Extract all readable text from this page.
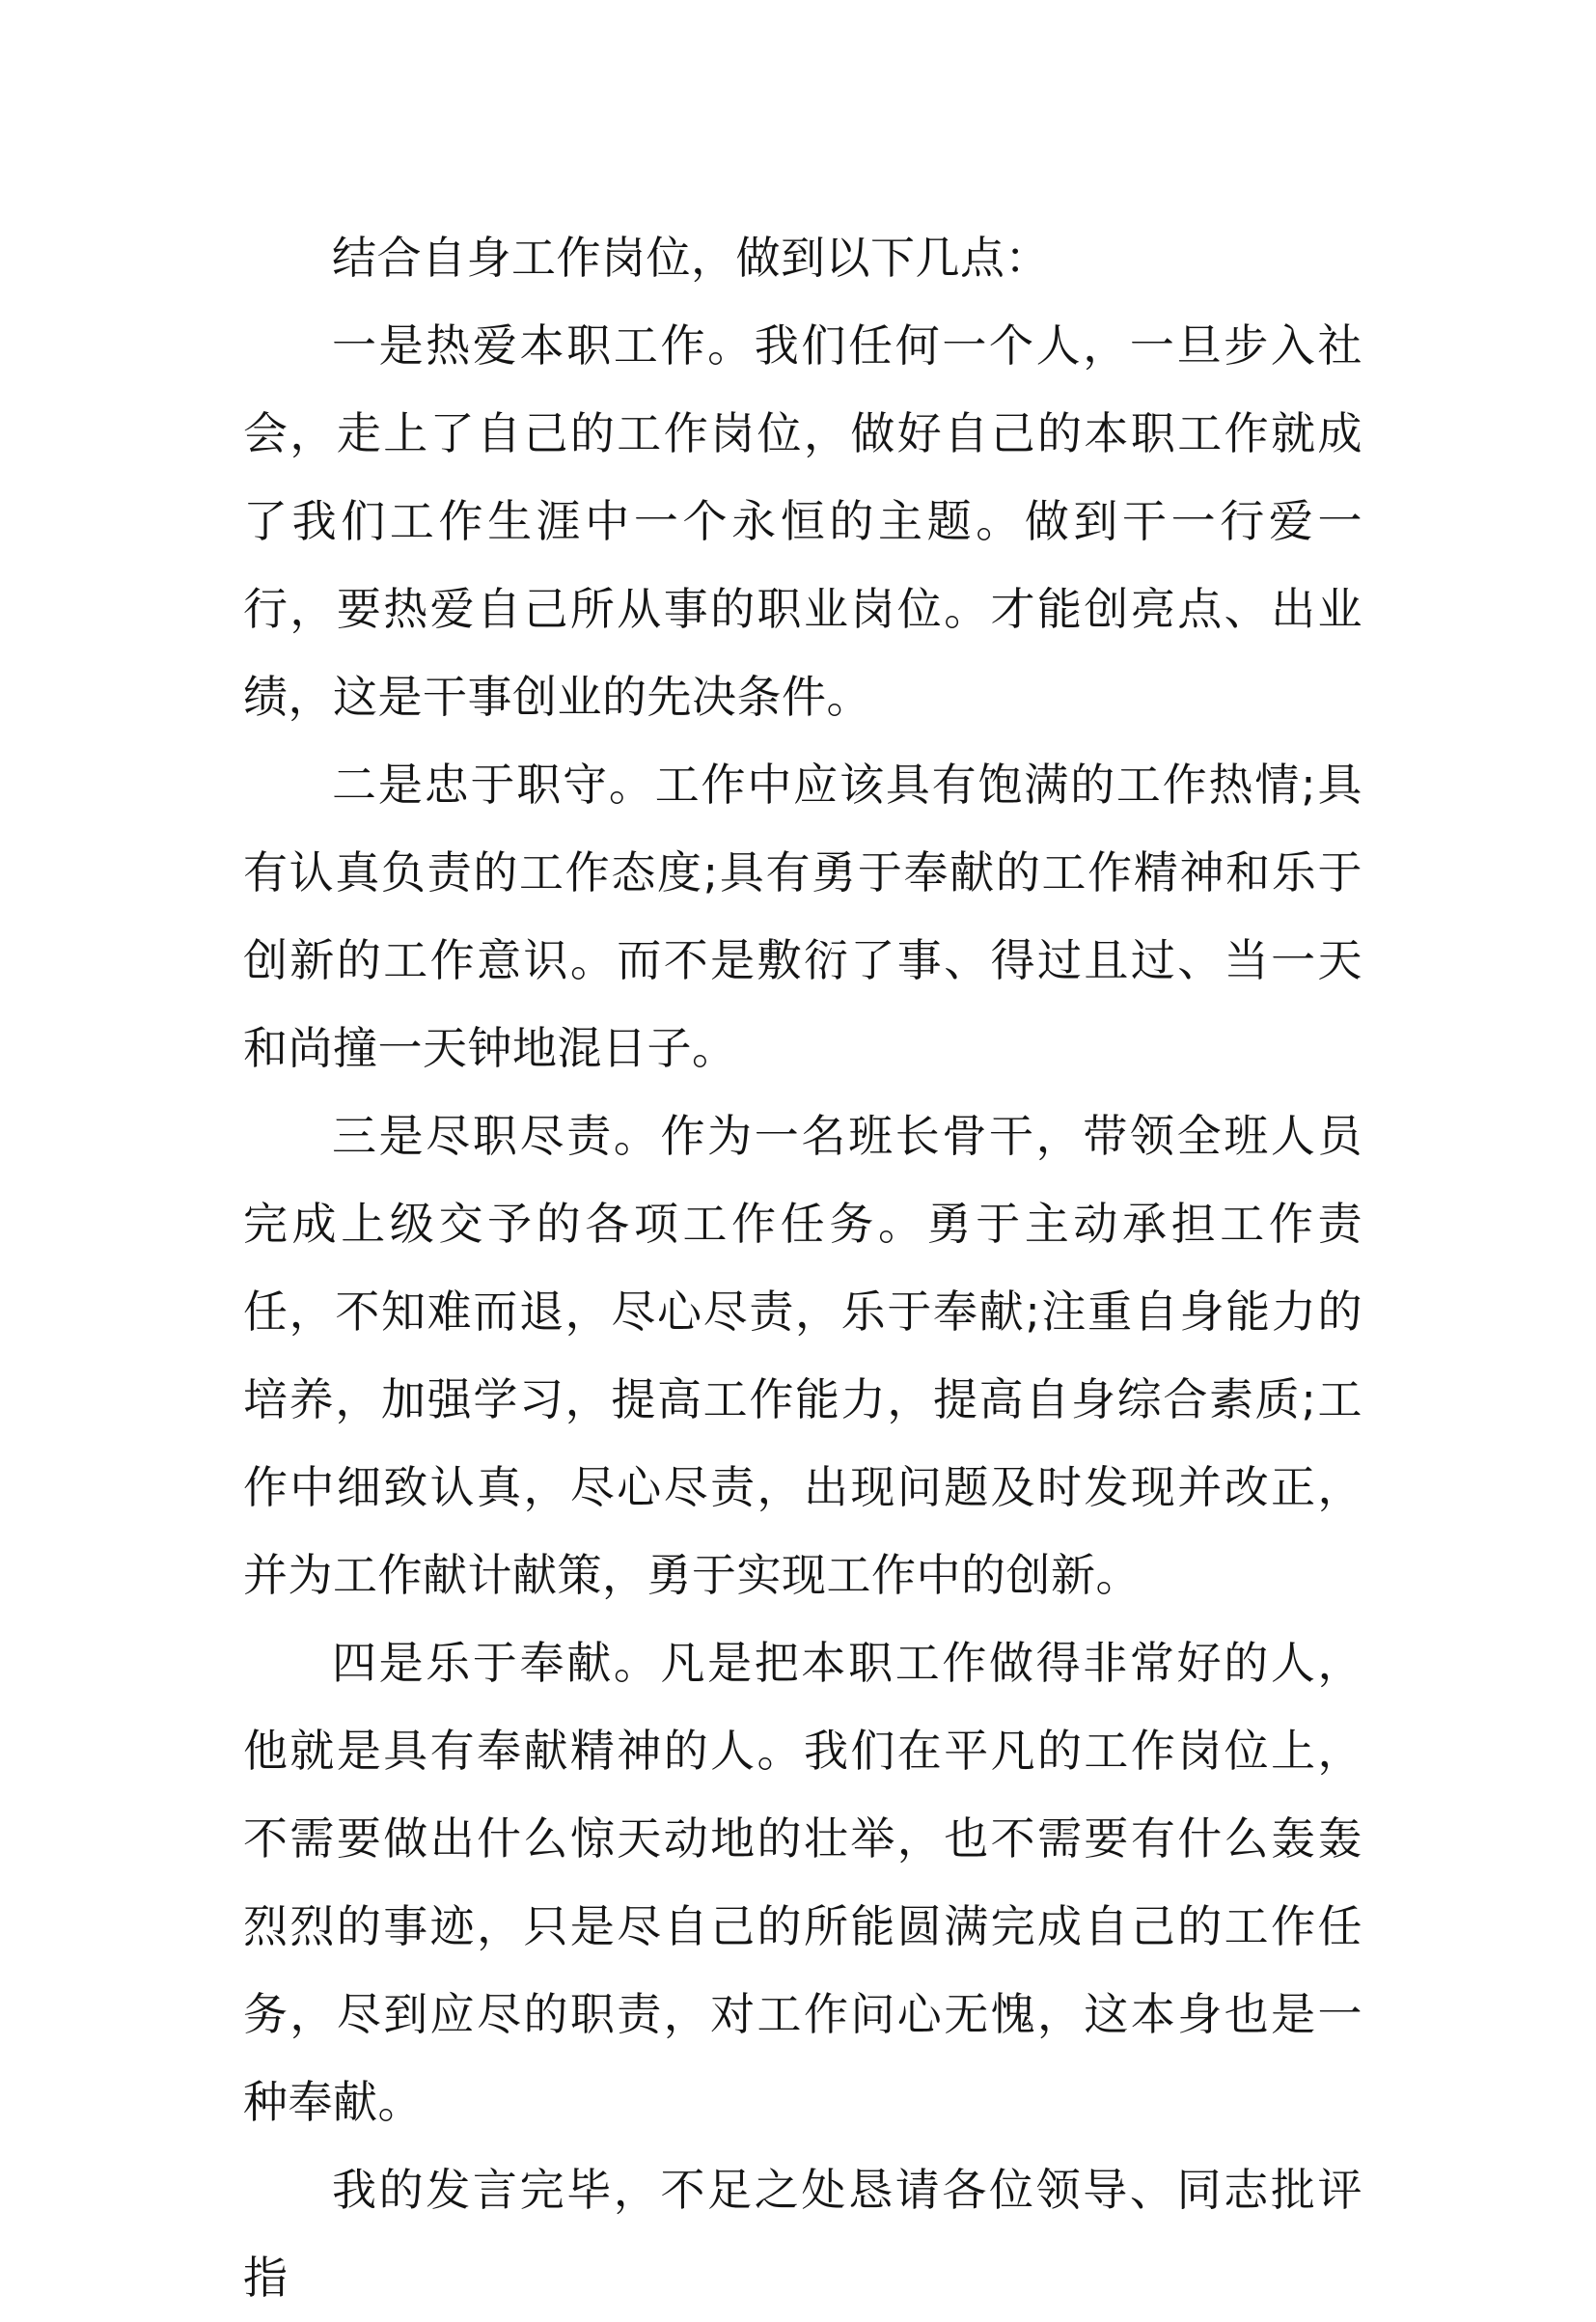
结合自身工作岗位，做到以下几点：

一是热爱本职工作。我们任何一个人，一旦步入社会，走上了自己的工作岗位，做好自己的本职工作就成了我们工作生涯中一个永恒的主题。做到干一行爱一行，要热爱自己所从事的职业岗位。才能创亮点、出业绩，这是干事创业的先决条件。

二是忠于职守。工作中应该具有饱满的工作热情;具有认真负责的工作态度;具有勇于奉献的工作精神和乐于创新的工作意识。而不是敷衍了事、得过且过、当一天和尚撞一天钟地混日子。

三是尽职尽责。作为一名班长骨干，带领全班人员完成上级交予的各项工作任务。勇于主动承担工作责任，不知难而退，尽心尽责，乐于奉献;注重自身能力的培养，加强学习，提高工作能力，提高自身综合素质;工作中细致认真，尽心尽责，出现问题及时发现并改正，并为工作献计献策，勇于实现工作中的创新。

四是乐于奉献。凡是把本职工作做得非常好的人，他就是具有奉献精神的人。我们在平凡的工作岗位上，不需要做出什么惊天动地的壮举，也不需要有什么轰轰烈烈的事迹，只是尽自己的所能圆满完成自己的工作任务，尽到应尽的职责，对工作问心无愧，这本身也是一种奉献。

我的发言完毕，不足之处恳请各位领导、同志批评指
